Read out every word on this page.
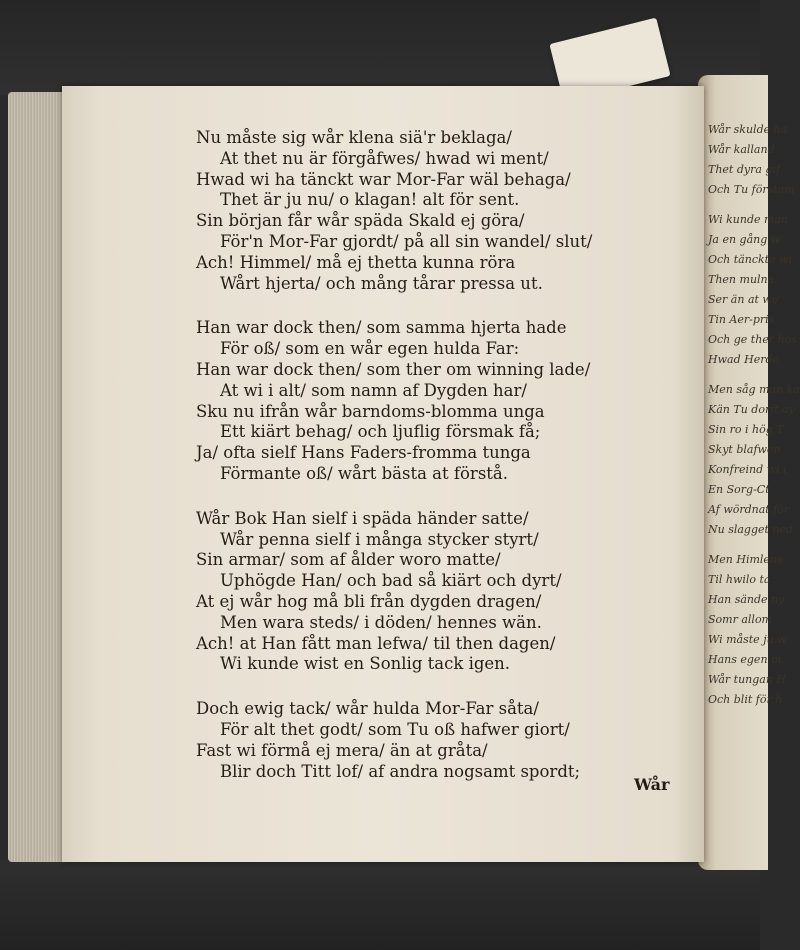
Wår skulde ha
Wår kalland
Thet dyra gif
Och Tu förstam
Wi kunde man
Ja en gång w
Och tänckte wi
Then mulna
Ser än at wi/
Tin Aer-pris
Och ge ther hos
Hwad Herde
Men såg man ka
Kän Tu dorft ay
Sin ro i hög T
Skyt blafwen
Konfreind wi i
En Sorg-Ct
Af wördnat för
Nu slagget ned
Men Himlens
Til hwilo ta
Han sände ny
Somr allom
Wi måste ju w
Hans egen m
Wår tungan H
Och blit för h
Nu måste sig wår klena siä'r beklaga/
At thet nu är förgåfwes/ hwad wi ment/
Hwad wi ha tänckt war Mor-Far wäl behaga/
Thet är ju nu/ o klagan! alt för sent.
Sin början får wår späda Skald ej göra/
För'n Mor-Far gjordt/ på all sin wandel/ slut/
Ach! Himmel/ må ej thetta kunna röra
Wårt hjerta/ och mång tårar pressa ut.
Han war dock then/ som samma hjerta hade
För oß/ som en wår egen hulda Far:
Han war dock then/ som ther om winning lade/
At wi i alt/ som namn af Dygden har/
Sku nu ifrån wår barndoms-blomma unga
Ett kiärt behag/ och ljuflig försmak få;
Ja/ ofta sielf Hans Faders-fromma tunga
Förmante oß/ wårt bästa at förstå.
Wår Bok Han sielf i späda händer satte/
Wår penna sielf i många stycker styrt/
Sin armar/ som af ålder woro matte/
Uphögde Han/ och bad så kiärt och dyrt/
At ej wår hog må bli från dygden dragen/
Men wara steds/ i döden/ hennes wän.
Ach! at Han fått man lefwa/ til then dagen/
Wi kunde wist en Sonlig tack igen.
Doch ewig tack/ wår hulda Mor-Far såta/
För alt thet godt/ som Tu oß hafwer giort/
Fast wi förmå ej mera/ än at gråta/
Blir doch Titt lof/ af andra nogsamt spordt;
Wår
